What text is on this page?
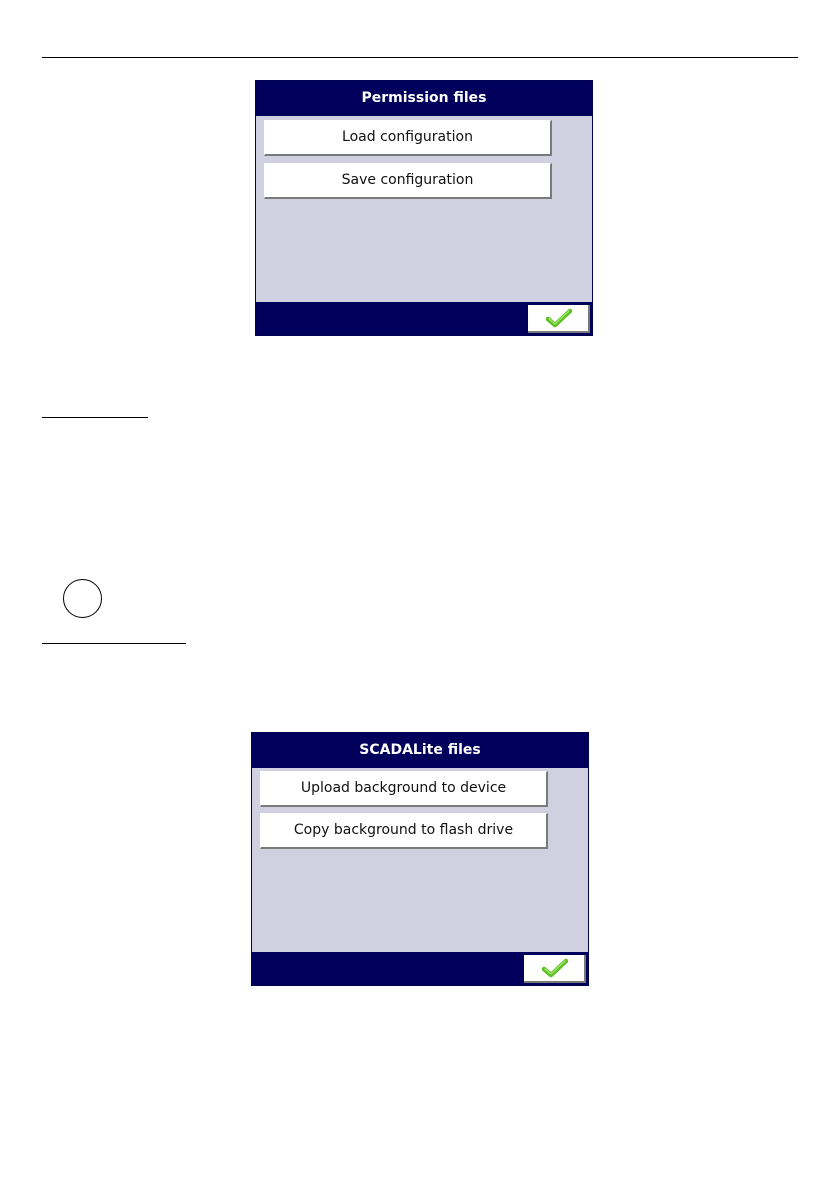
Permission files
Load configuration
Save configuration
SCADALite files
Upload background to device
Copy background to flash drive
